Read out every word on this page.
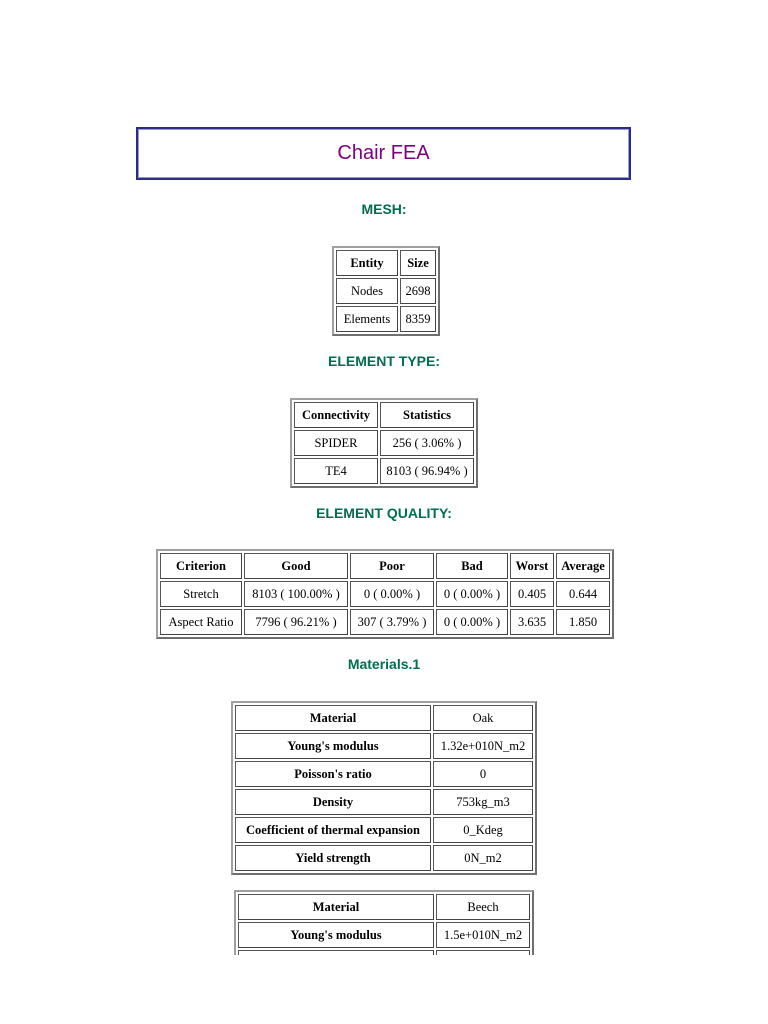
Chair FEA
MESH:
Entity	Size
Nodes	2698
Elements	8359
ELEMENT TYPE:
Connectivity	Statistics
SPIDER	256 ( 3.06% )
TE4	8103 ( 96.94% )
ELEMENT QUALITY:
Criterion	Good	Poor	Bad	Worst	Average
Stretch	8103 ( 100.00% )	0 ( 0.00% )	0 ( 0.00% )	0.405	0.644
Aspect Ratio	7796 ( 96.21% )	307 ( 3.79% )	0 ( 0.00% )	3.635	1.850
Materials.1
Material	Oak
Young's modulus	1.32e+010N_m2
Poisson's ratio	0
Density	753kg_m3
Coefficient of thermal expansion	0_Kdeg
Yield strength	0N_m2
Material	Beech
Young's modulus	1.5e+010N_m2
